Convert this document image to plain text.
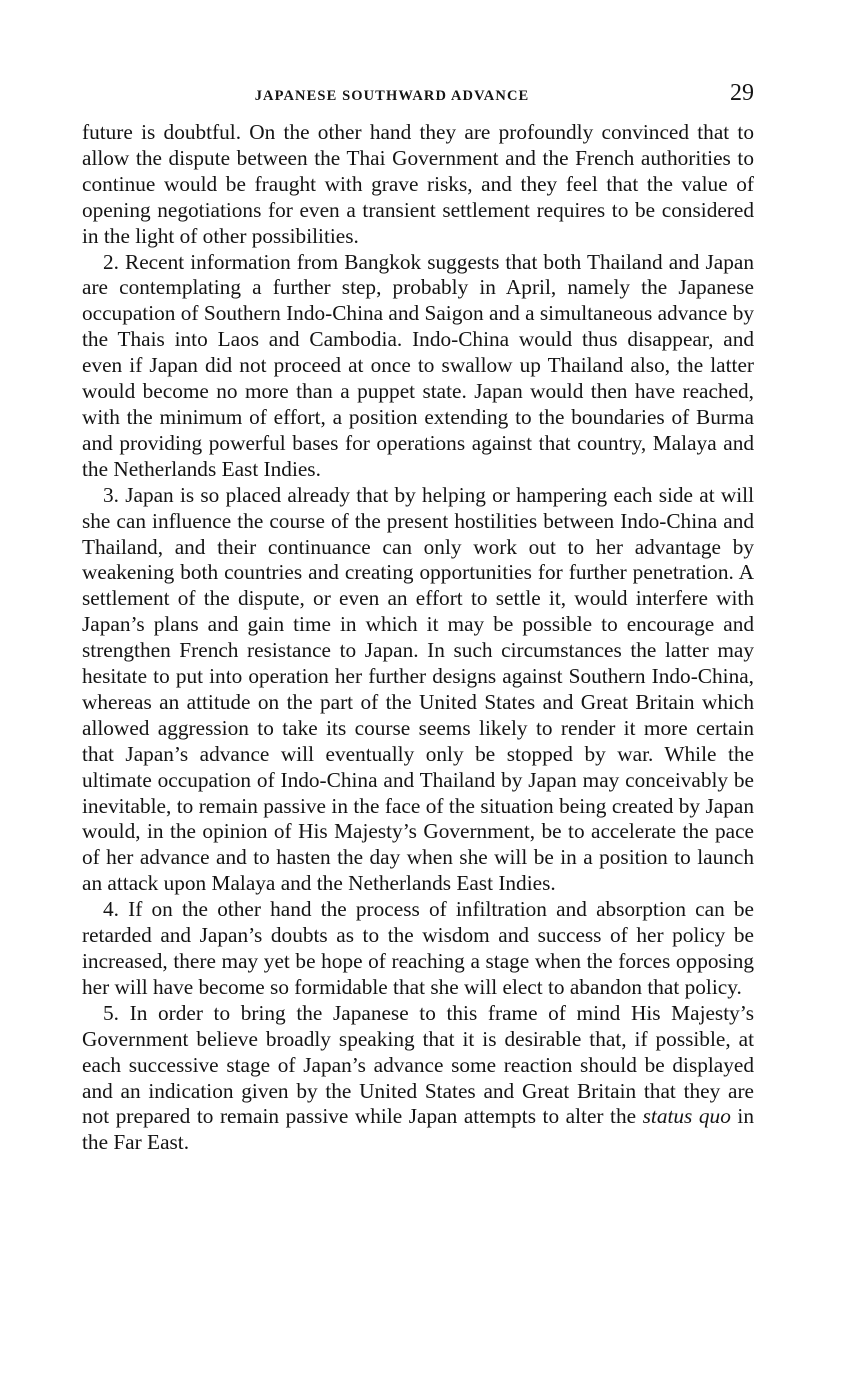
JAPANESE SOUTHWARD ADVANCE	29

future is doubtful. On the other hand they are profoundly convinced that to allow the dispute between the Thai Government and the French authorities to continue would be fraught with grave risks, and they feel that the value of opening negotiations for even a transient settlement requires to be considered in the light of other possibilities.

2. Recent information from Bangkok suggests that both Thailand and Japan are contemplating a further step, probably in April, namely the Japanese occupation of Southern Indo-China and Saigon and a simultaneous advance by the Thais into Laos and Cambodia. Indo-China would thus disappear, and even if Japan did not proceed at once to swallow up Thailand also, the latter would become no more than a puppet state. Japan would then have reached, with the minimum of effort, a position extending to the boundaries of Burma and providing powerful bases for operations against that country, Malaya and the Netherlands East Indies.

3. Japan is so placed already that by helping or hampering each side at will she can influence the course of the present hostilities between Indo-China and Thailand, and their continuance can only work out to her advantage by weakening both countries and creating opportunities for further penetration. A settlement of the dispute, or even an effort to settle it, would interfere with Japan’s plans and gain time in which it may be possible to encourage and strengthen French resistance to Japan. In such circumstances the latter may hesitate to put into operation her further designs against Southern Indo-China, whereas an attitude on the part of the United States and Great Britain which allowed aggression to take its course seems likely to render it more certain that Japan’s advance will eventually only be stopped by war. While the ultimate occupation of Indo-China and Thailand by Japan may conceivably be inevitable, to remain passive in the face of the situation being created by Japan would, in the opinion of His Majesty’s Government, be to accelerate the pace of her advance and to hasten the day when she will be in a position to launch an attack upon Malaya and the Netherlands East Indies.

4. If on the other hand the process of infiltration and absorption can be retarded and Japan’s doubts as to the wisdom and success of her policy be increased, there may yet be hope of reaching a stage when the forces opposing her will have become so formidable that she will elect to abandon that policy.

5. In order to bring the Japanese to this frame of mind His Majesty’s Government believe broadly speaking that it is desirable that, if possible, at each successive stage of Japan’s advance some reaction should be displayed and an indication given by the United States and Great Britain that they are not prepared to remain passive while Japan attempts to alter the status quo in the Far East.
